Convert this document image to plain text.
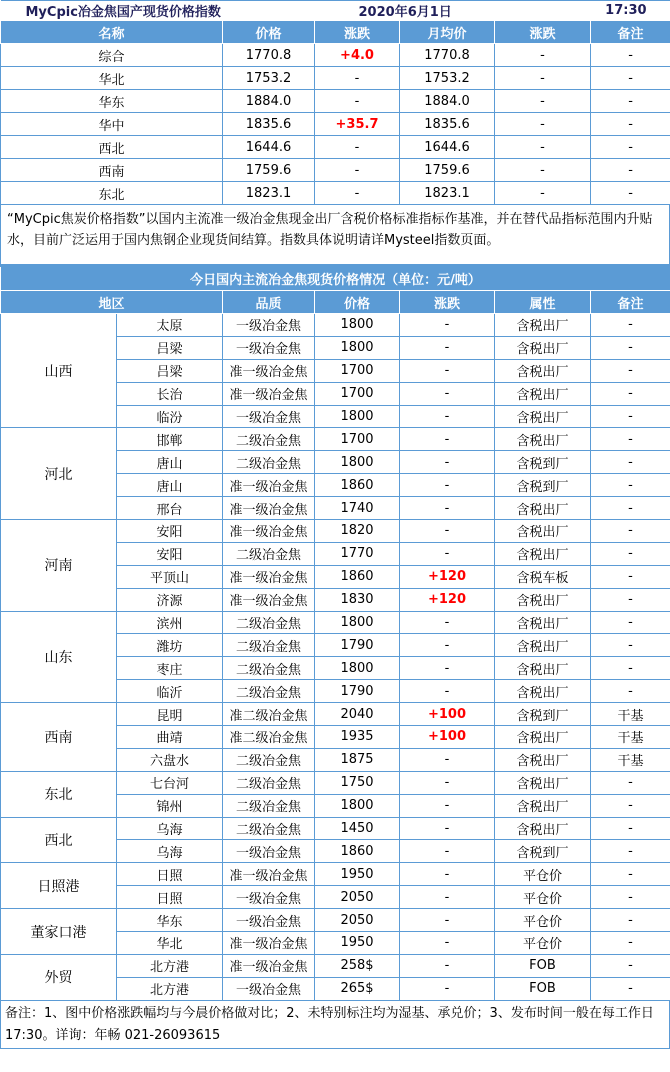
MyCpic冶金焦国产现货价格指数		2020年6月1日			17:30
名称	价格	涨跌	月均价	涨跌	备注
综合	1770.8	+4.0	1770.8	-	-
华北	1753.2	-	1753.2	-	-
华东	1884.0	-	1884.0	-	-
华中	1835.6	+35.7	1835.6	-	-
西北	1644.6	-	1644.6	-	-
西南	1759.6	-	1759.6	-	-
东北	1823.1	-	1823.1	-	-
“MyCpic焦炭价格指数”以国内主流准一级冶金焦现金出厂含税价格标准指标作基准，并在替代品指标范围内升贴水，目前广泛运用于国内焦钢企业现货间结算。指数具体说明请详Mysteel指数页面。
今日国内主流冶金焦现货价格情况（单位：元/吨）						
地区		品质	价格	涨跌	属性	备注
山西	太原	一级冶金焦	1800	-	含税出厂	-
	吕梁	一级冶金焦	1800	-	含税出厂	-
	吕梁	准一级冶金焦	1700	-	含税出厂	-
	长治	准一级冶金焦	1700	-	含税出厂	-
	临汾	一级冶金焦	1800	-	含税出厂	-
河北	邯郸	二级冶金焦	1700	-	含税出厂	-
	唐山	二级冶金焦	1800	-	含税到厂	-
	唐山	准一级冶金焦	1860	-	含税到厂	-
	邢台	准一级冶金焦	1740	-	含税出厂	-
河南	安阳	准一级冶金焦	1820	-	含税出厂	-
	安阳	二级冶金焦	1770	-	含税出厂	-
	平顶山	准一级冶金焦	1860	+120	含税车板	-
	济源	准一级冶金焦	1830	+120	含税出厂	-
山东	滨州	二级冶金焦	1800	-	含税出厂	-
	潍坊	二级冶金焦	1790	-	含税出厂	-
	枣庄	二级冶金焦	1800	-	含税出厂	-
	临沂	二级冶金焦	1790	-	含税出厂	-
西南	昆明	准二级冶金焦	2040	+100	含税到厂	干基
	曲靖	准二级冶金焦	1935	+100	含税出厂	干基
	六盘水	二级冶金焦	1875	-	含税出厂	干基
东北	七台河	二级冶金焦	1750	-	含税出厂	-
	锦州	二级冶金焦	1800	-	含税出厂	-
西北	乌海	二级冶金焦	1450	-	含税出厂	-
	乌海	一级冶金焦	1860	-	含税到厂	-
日照港	日照	准一级冶金焦	1950	-	平仓价	-
	日照	一级冶金焦	2050	-	平仓价	-
董家口港	华东	一级冶金焦	2050	-	平仓价	-
	华北	准一级冶金焦	1950	-	平仓价	-
外贸	北方港	准一级冶金焦	258$	-	FOB	-
	北方港	一级冶金焦	265$	-	FOB	-
备注：1、图中价格涨跌幅均与今晨价格做对比；2、未特别标注均为湿基、承兑价；3、发布时间一般在每工作日17:30。详询：年畅 021-26093615
